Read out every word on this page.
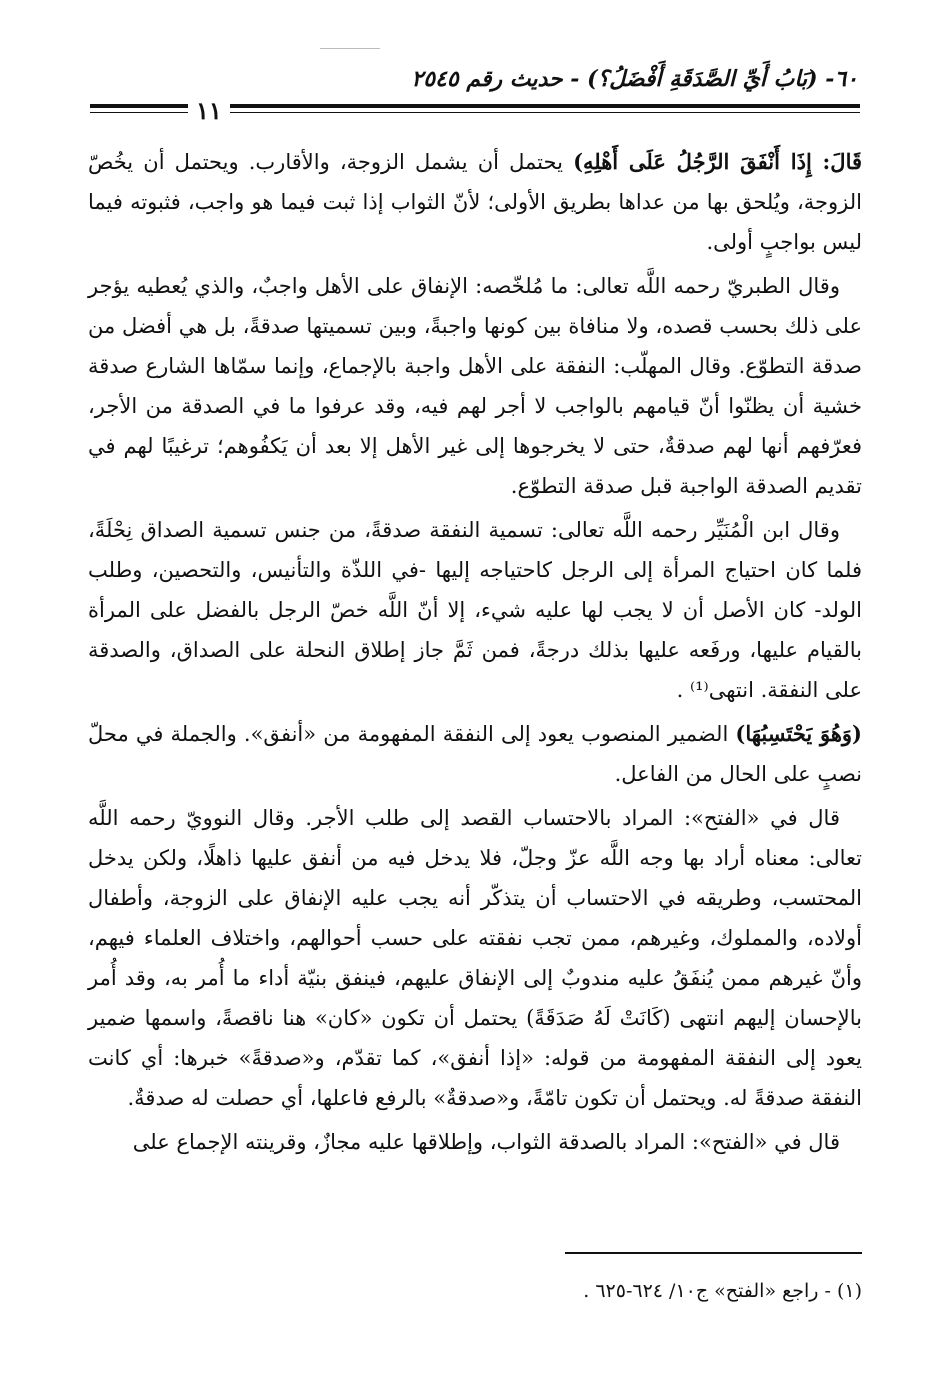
٦٠- (بَابُ أَيِّ الصَّدَقَةِ أَفْضَلُ؟) - حديث رقم ٢٥٤٥
١١

قَالَ: إِذَا أَنْفَقَ الرَّجُلُ عَلَى أَهْلِهِ) يحتمل أن يشمل الزوجة، والأقارب. ويحتمل أن يخُصّ الزوجة، ويُلحق بها من عداها بطريق الأولى؛ لأنّ الثواب إذا ثبت فيما هو واجب، فثبوته فيما ليس بواجبٍ أولى.

وقال الطبريّ رحمه اللَّه تعالى: ما مُلخّصه: الإنفاق على الأهل واجبٌ، والذي يُعطيه يؤجر على ذلك بحسب قصده، ولا منافاة بين كونها واجبةً، وبين تسميتها صدقةً، بل هي أفضل من صدقة التطوّع. وقال المهلّب: النفقة على الأهل واجبة بالإجماع، وإنما سمّاها الشارع صدقة خشية أن يظنّوا أنّ قيامهم بالواجب لا أجر لهم فيه، وقد عرفوا ما في الصدقة من الأجر، فعرّفهم أنها لهم صدقةٌ، حتى لا يخرجوها إلى غير الأهل إلا بعد أن يَكفُوهم؛ ترغيبًا لهم في تقديم الصدقة الواجبة قبل صدقة التطوّع.

وقال ابن الْمُنَيِّر رحمه اللَّه تعالى: تسمية النفقة صدقةً، من جنس تسمية الصداق نِحْلَةً، فلما كان احتياج المرأة إلى الرجل كاحتياجه إليها -في اللذّة والتأنيس، والتحصين، وطلب الولد- كان الأصل أن لا يجب لها عليه شيء، إلا أنّ اللَّه خصّ الرجل بالفضل على المرأة بالقيام عليها، ورفَعه عليها بذلك درجةً، فمن ثَمَّ جاز إطلاق النحلة على الصداق، والصدقة على النفقة. انتهى⁽¹⁾ .

(وَهُوَ يَحْتَسِبُهَا) الضمير المنصوب يعود إلى النفقة المفهومة من «أنفق». والجملة في محلّ نصبٍ على الحال من الفاعل.

قال في «الفتح»: المراد بالاحتساب القصد إلى طلب الأجر. وقال النوويّ رحمه اللَّه تعالى: معناه أراد بها وجه اللَّه عزّ وجلّ، فلا يدخل فيه من أنفق عليها ذاهلًا، ولكن يدخل المحتسب، وطريقه في الاحتساب أن يتذكّر أنه يجب عليه الإنفاق على الزوجة، وأطفال أولاده، والمملوك، وغيرهم، ممن تجب نفقته على حسب أحوالهم، واختلاف العلماء فيهم، وأنّ غيرهم ممن يُنفَقُ عليه مندوبٌ إلى الإنفاق عليهم، فينفق بنيّة أداء ما أُمر به، وقد أُمر بالإحسان إليهم انتهى (كَانَتْ لَهُ صَدَقَةً) يحتمل أن تكون «كان» هنا ناقصةً، واسمها ضمير يعود إلى النفقة المفهومة من قوله: «إذا أنفق»، كما تقدّم، و«صدقةً» خبرها: أي كانت النفقة صدقةً له. ويحتمل أن تكون تامّةً، و«صدقةٌ» بالرفع فاعلها، أي حصلت له صدقةٌ.

قال في «الفتح»: المراد بالصدقة الثواب، وإطلاقها عليه مجازٌ، وقرينته الإجماع على

(١) - راجع «الفتح» ج١٠/ ٦٢٤-٦٢٥ .
